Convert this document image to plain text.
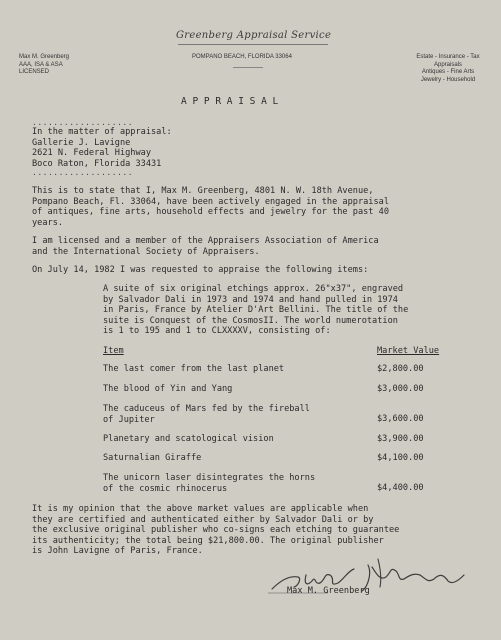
Greenberg Appraisal Service
Max M. Greenberg
AAA, ISA & ASA
LICENSED
POMPANO BEACH, FLORIDA 33064	Estate - Insurance - Tax
Appraisals
Antiques - Fine Arts
Jewelry - Household
A P P R A I S A L
...................
In the matter of appraisal:
Gallerie J. Lavigne
2621 N. Federal Highway
Boco Raton, Florida 33431
...................
This is to state that I, Max M. Greenberg, 4801 N. W. 18th Avenue,
Pompano Beach, Fl. 33064, have been actively engaged in the appraisal
of antiques, fine arts, household effects and jewelry for the past 40
years.
I am licensed and a member of the Appraisers Association of America
and the International Society of Appraisers.
On July 14, 1982 I was requested to appraise the following items:
A suite of six original etchings approx. 26"x37", engraved
by Salvador Dali in 1973 and 1974 and hand pulled in 1974
in Paris, France by Atelier D'Art Bellini. The title of the
suite is Conquest of the CosmosII. The world numerotation
is 1 to 195 and 1 to CLXXXXV, consisting of:
Item	Market Value
The last comer from the last planet	$2,800.00
The blood of Yin and Yang	$3,000.00
The caduceus of Mars fed by the fireball
of Jupiter	$3,600.00
Planetary and scatological vision	$3,900.00
Saturnalian Giraffe	$4,100.00
The unicorn laser disintegrates the horns
of the cosmic rhinocerus	$4,400.00
It is my opinion that the above market values are applicable when
they are certified and authenticated either by Salvador Dali or by
the exclusive original publisher who co-signs each etching to guarantee
its authenticity; the total being $21,800.00. The original publisher
is John Lavigne of Paris, France.
Max M. Greenberg
